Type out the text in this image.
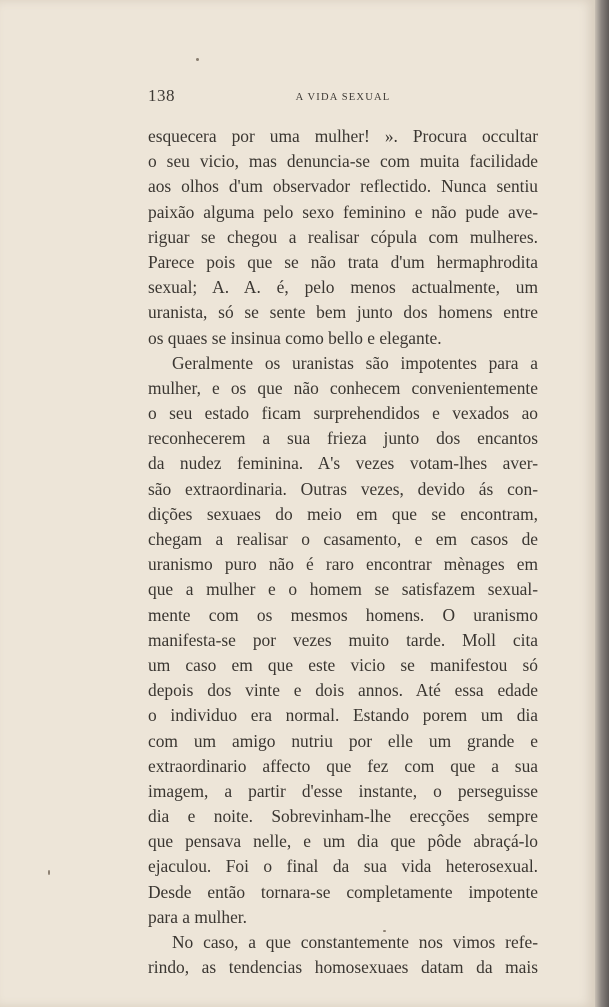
138	A VIDA SEXUAL
esquecera por uma mulher! ». Procura occultar
o seu vicio, mas denuncia-se com muita facilidade
aos olhos d'um observador reflectido. Nunca sentiu
paixão alguma pelo sexo feminino e não pude ave-
riguar se chegou a realisar cópula com mulheres.
Parece pois que se não trata d'um hermaphrodita
sexual; A. A. é, pelo menos actualmente, um
uranista, só se sente bem junto dos homens entre
os quaes se insinua como bello e elegante.
Geralmente os uranistas são impotentes para a
mulher, e os que não conhecem convenientemente
o seu estado ficam surprehendidos e vexados ao
reconhecerem a sua frieza junto dos encantos
da nudez feminina. A's vezes votam-lhes aver-
são extraordinaria. Outras vezes, devido ás con-
dições sexuaes do meio em que se encontram,
chegam a realisar o casamento, e em casos de
uranismo puro não é raro encontrar mènages em
que a mulher e o homem se satisfazem sexual-
mente com os mesmos homens. O uranismo
manifesta-se por vezes muito tarde. Moll cita
um caso em que este vicio se manifestou só
depois dos vinte e dois annos. Até essa edade
o individuo era normal. Estando porem um dia
com um amigo nutriu por elle um grande e
extraordinario affecto que fez com que a sua
imagem, a partir d'esse instante, o perseguisse
dia e noite. Sobrevinham-lhe erecções sempre
que pensava nelle, e um dia que pôde abraçá-lo
ejaculou. Foi o final da sua vida heterosexual.
Desde então tornara-se completamente impotente
para a mulher.
No caso, a que constantemente nos vimos refe-
rindo, as tendencias homosexuaes datam da mais
